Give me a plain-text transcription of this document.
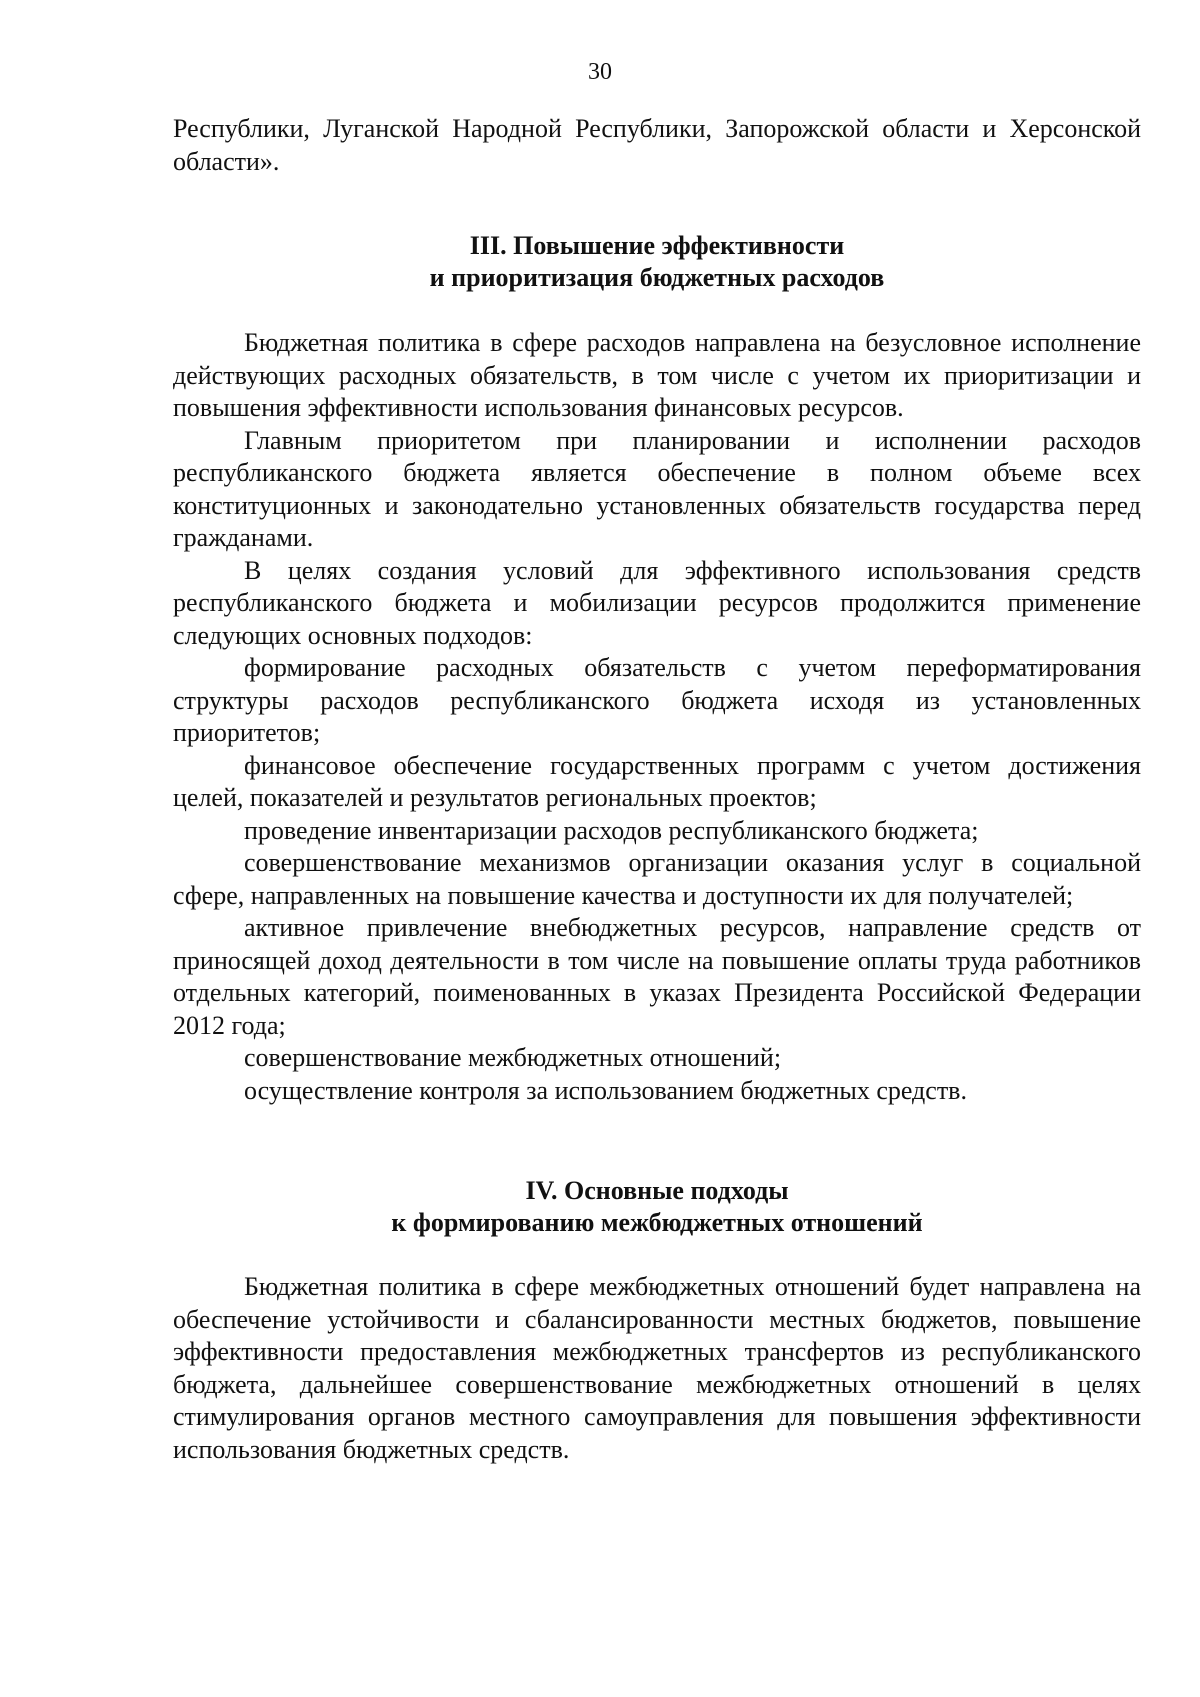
30

Республики, Луганской Народной Республики, Запорожской области и Херсонской области».

III. Повышение эффективности
и приоритизация бюджетных расходов

Бюджетная политика в сфере расходов направлена на безусловное исполнение действующих расходных обязательств, в том числе с учетом их приоритизации и повышения эффективности использования финансовых ресурсов.

Главным приоритетом при планировании и исполнении расходов республиканского бюджета является обеспечение в полном объеме всех конституционных и законодательно установленных обязательств государства перед гражданами.

В целях создания условий для эффективного использования средств республиканского бюджета и мобилизации ресурсов продолжится применение следующих основных подходов:

формирование расходных обязательств с учетом переформатирования структуры расходов республиканского бюджета исходя из установленных приоритетов;

финансовое обеспечение государственных программ с учетом достижения целей, показателей и результатов региональных проектов;

проведение инвентаризации расходов республиканского бюджета;

совершенствование механизмов организации оказания услуг в социальной сфере, направленных на повышение качества и доступности их для получателей;

активное привлечение внебюджетных ресурсов, направление средств от приносящей доход деятельности в том числе на повышение оплаты труда работников отдельных категорий, поименованных в указах Президента Российской Федерации 2012 года;

совершенствование межбюджетных отношений;

осуществление контроля за использованием бюджетных средств.

IV. Основные подходы
к формированию межбюджетных отношений

Бюджетная политика в сфере межбюджетных отношений будет направлена на обеспечение устойчивости и сбалансированности местных бюджетов, повышение эффективности предоставления межбюджетных трансфертов из республиканского бюджета, дальнейшее совершенствование межбюджетных отношений в целях стимулирования органов местного самоуправления для повышения эффективности использования бюджетных средств.
